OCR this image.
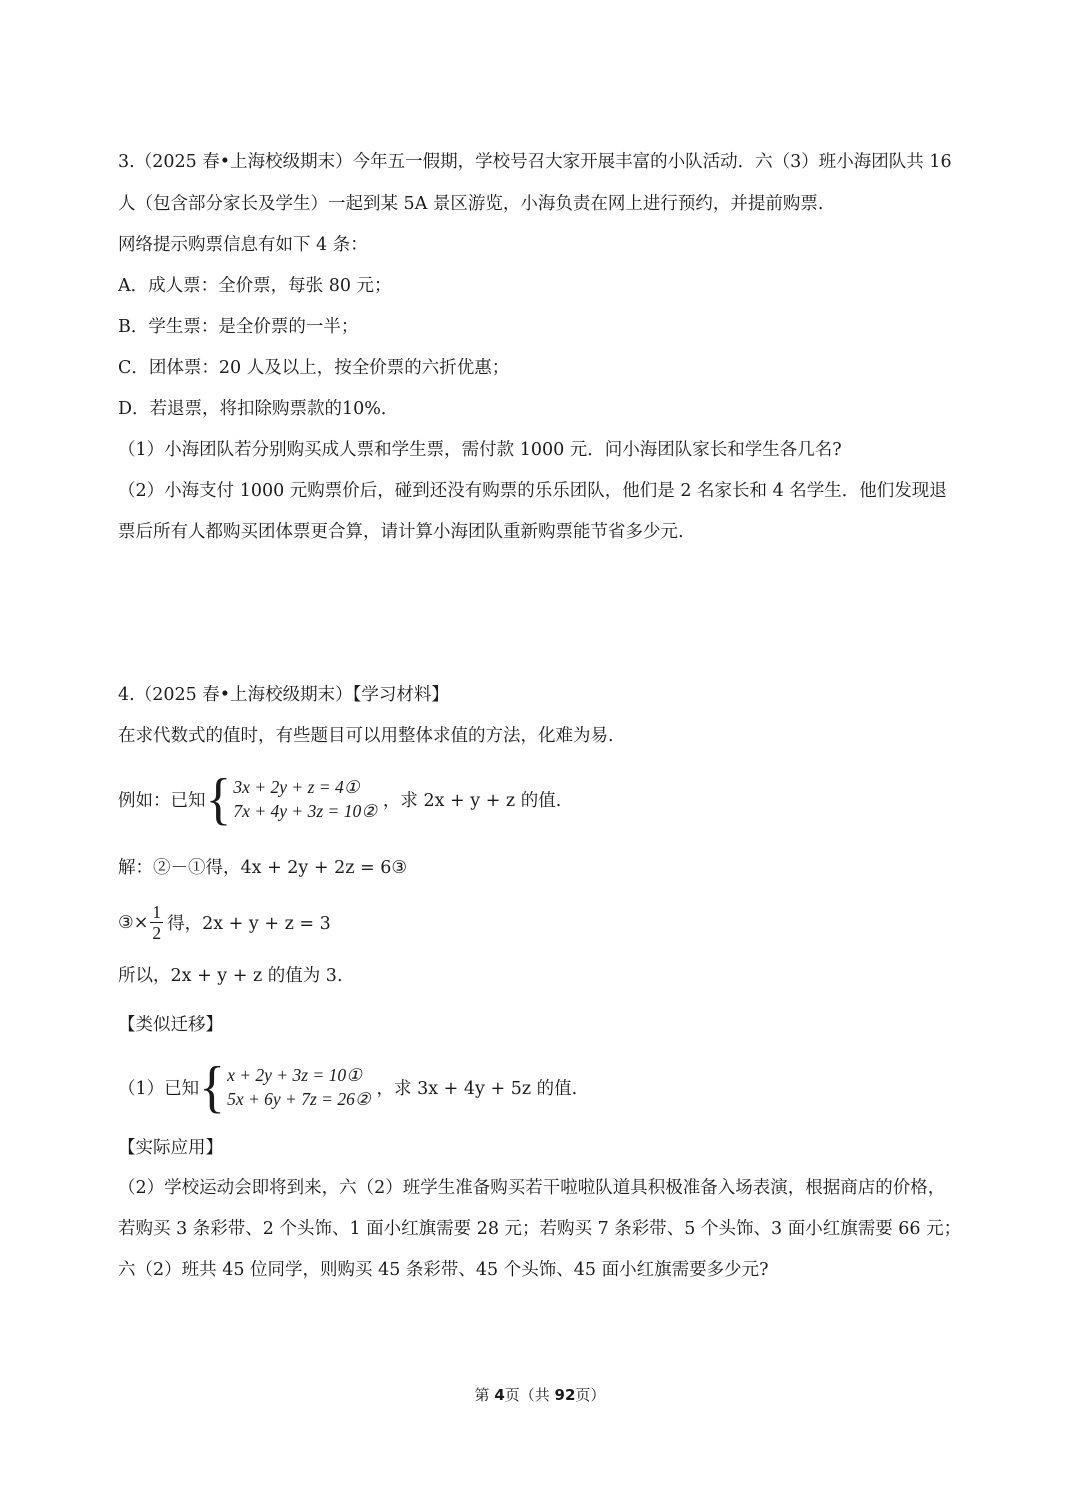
3.（2025 春•上海校级期末）今年五一假期，学校号召大家开展丰富的小队活动．六（3）班小海团队共 16
人（包含部分家长及学生）一起到某 5A 景区游览，小海负责在网上进行预约，并提前购票.
网络提示购票信息有如下 4 条：
A．成人票：全价票，每张 80 元；
B．学生票：是全价票的一半；
C．团体票：20 人及以上，按全价票的六折优惠；
D．若退票，将扣除购票款的10%．
（1）小海团队若分别购买成人票和学生票，需付款 1000 元．问小海团队家长和学生各几名?
（2）小海支付 1000 元购票价后，碰到还没有购票的乐乐团队，他们是 2 名家长和 4 名学生．他们发现退
票后所有人都购买团体票更合算，请计算小海团队重新购票能节省多少元.
4.（2025 春•上海校级期末）【学习材料】
在求代数式的值时，有些题目可以用整体求值的方法，化难为易.
例如：已知 { 3x + 2y + z = 4①
7x + 4y + 3z = 10②
，求 2x + y + z 的值.
解：②－①得，4x + 2y + 2z = 6③
③× $\frac{1}{2}$ 得，2x + y + z = 3
所以，2x + y + z 的值为 3.
【类似迁移】
（1）已知 { x + 2y + 3z = 10①
5x + 6y + 7z = 26②
，求 3x + 4y + 5z 的值.
【实际应用】
（2）学校运动会即将到来，六（2）班学生准备购买若干啦啦队道具积极准备入场表演，根据商店的价格，
若购买 3 条彩带、2 个头饰、1 面小红旗需要 28 元；若购买 7 条彩带、5 个头饰、3 面小红旗需要 66 元；
六（2）班共 45 位同学，则购买 45 条彩带、45 个头饰、45 面小红旗需要多少元?
第 4页（共 92页）
